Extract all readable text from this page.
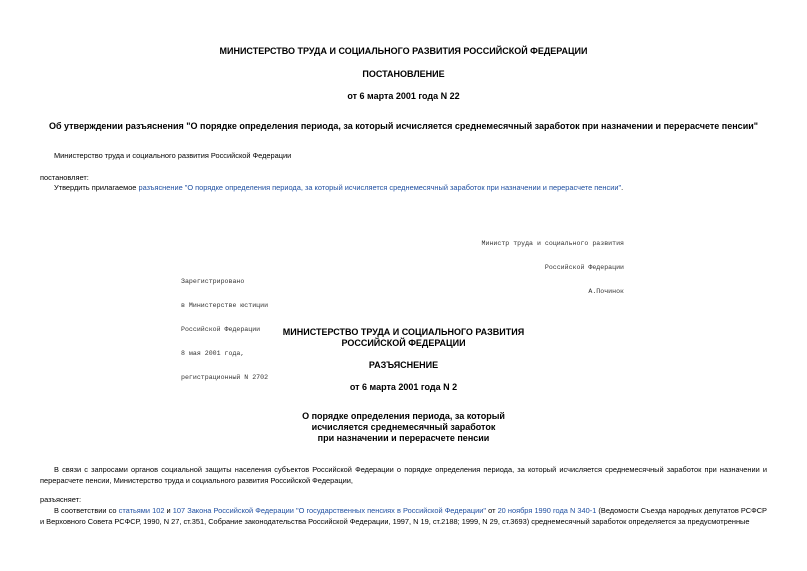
МИНИСТЕРСТВО ТРУДА И СОЦИАЛЬНОГО РАЗВИТИЯ РОССИЙСКОЙ ФЕДЕРАЦИИ
ПОСТАНОВЛЕНИЕ
от 6 марта 2001 года N 22
Об утверждении разъяснения "О порядке определения периода, за который исчисляется среднемесячный заработок при назначении и перерасчете пенсии"
Министерство труда и социального развития Российской Федерации
постановляет:
Утвердить прилагаемое разъяснение "О порядке определения периода, за который исчисляется среднемесячный заработок при назначении и перерасчете пенсии".

Министр труда и социального развития

Российской Федерации

А.Починок

Зарегистрировано

в Министерстве юстиции

Российской Федерации

8 мая 2001 года,

регистрационный N 2702

МИНИСТЕРСТВО ТРУДА И СОЦИАЛЬНОГО РАЗВИТИЯ
РОССИЙСКОЙ ФЕДЕРАЦИИ
РАЗЪЯСНЕНИЕ
от 6 марта 2001 года N 2
О порядке определения периода, за который
исчисляется среднемесячный заработок
при назначении и перерасчете пенсии
В связи с запросами органов социальной защиты населения субъектов Российской Федерации о порядке определения периода, за который исчисляется среднемесячный заработок при назначении и перерасчете пенсии, Министерство труда и социального развития Российской Федерации,
разъясняет:
В соответствии со статьями 102 и 107 Закона Российской Федерации "О государственных пенсиях в Российской Федерации" от 20 ноября 1990 года N 340-1 (Ведомости Съезда народных депутатов РСФСР и Верховного Совета РСФСР, 1990, N 27, ст.351, Собрание законодательства Российской Федерации, 1997, N 19, ст.2188; 1999, N 29, ст.3693) среднемесячный заработок определяется за предусмотренные
